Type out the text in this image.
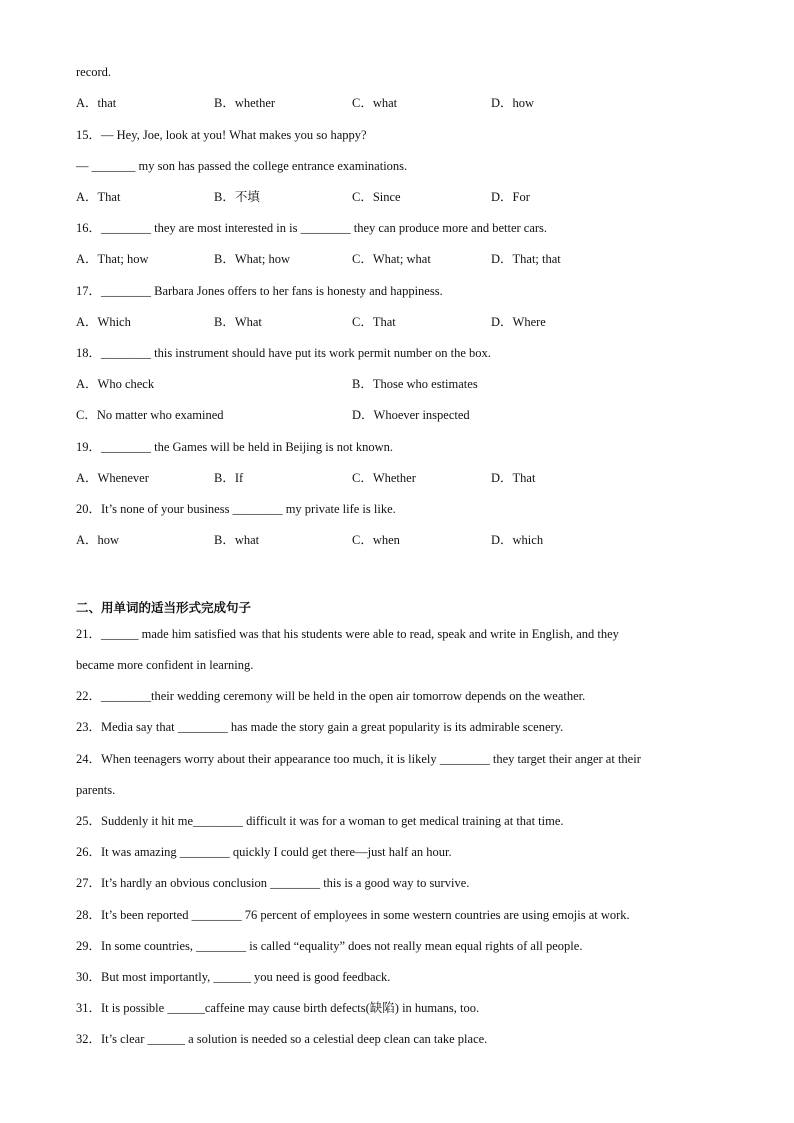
record.
A．that	B．whether	C．what	D．how
15．— Hey, Joe, look at you! What makes you so happy?
— _______ my son has passed the college entrance examinations.
A．That	B．不填	C．Since	D．For
16．________ they are most interested in is ________ they can produce more and better cars.
A．That; how	B．What; how	C．What; what	D．That; that
17．________ Barbara Jones offers to her fans is honesty and happiness.
A．Which	B．What	C．That	D．Where
18．________ this instrument should have put its work permit number on the box.
A．Who check	B．Those who estimates
C．No matter who examined	D．Whoever inspected
19．________ the Games will be held in Beijing is not known.
A．Whenever	B．If	C．Whether	D．That
20．It’s none of your business ________ my private life is like.
A．how	B．what	C．when	D．which
二、用单词的适当形式完成句子
21．______ made him satisfied was that his students were able to read, speak and write in English, and they
became more confident in learning.
22．________their wedding ceremony will be held in the open air tomorrow depends on the weather.
23．Media say that ________ has made the story gain a great popularity is its admirable scenery.
24．When teenagers worry about their appearance too much, it is likely ________ they target their anger at their
parents.
25．Suddenly it hit me________ difficult it was for a woman to get medical training at that time.
26．It was amazing ________ quickly I could get there—just half an hour.
27．It’s hardly an obvious conclusion ________ this is a good way to survive.
28．It’s been reported ________ 76 percent of employees in some western countries are using emojis at work.
29．In some countries, ________ is called “equality” does not really mean equal rights of all people.
30．But most importantly, ______ you need is good feedback.
31．It is possible ______caffeine may cause birth defects(缺陷) in humans, too.
32．It’s clear ______ a solution is needed so a celestial deep clean can take place.
